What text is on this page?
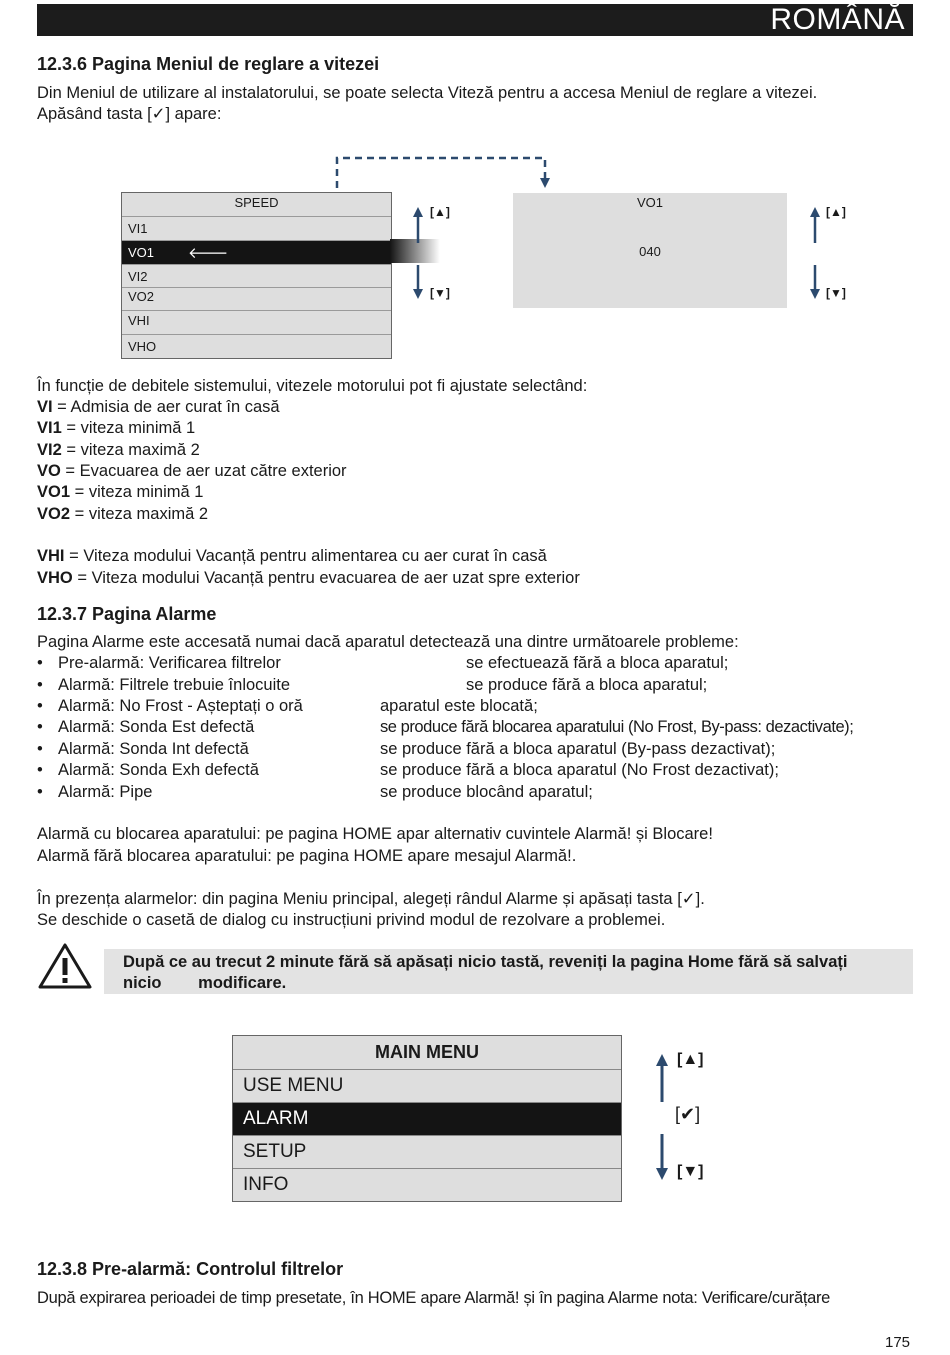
ROMÂNĂ
12.3.6 Pagina Meniul de reglare a vitezei
Din Meniul de utilizare al instalatorului, se poate selecta Viteză pentru a accesa Meniul de reglare a vitezei.
Apăsând tasta [✓] apare:
SPEED
VI1
VO1 🡐
VI2
VO2
VHI
VHO
[▲]
[▼]
VO1
040
[▲]
[▼]
În funcție de debitele sistemului, vitezele motorului pot fi ajustate selectând:
VI = Admisia de aer curat în casă
VI1 = viteza minimă 1
VI2 = viteza maximă 2
VO = Evacuarea de aer uzat către exterior
VO1 = viteza minimă 1
VO2 = viteza maximă 2
VHI = Viteza modului Vacanță pentru alimentarea cu aer curat în casă
VHO = Viteza modului Vacanță pentru evacuarea de aer uzat spre exterior
12.3.7 Pagina Alarme
Pagina Alarme este accesată numai dacă aparatul detectează una dintre următoarele probleme:
• Pre-alarmă: Verificarea filtrelor	se efectuează fără a bloca aparatul;
• Alarmă: Filtrele trebuie înlocuite	se produce fără a bloca aparatul;
• Alarmă: No Frost - Așteptați o oră	aparatul este blocată;
• Alarmă: Sonda Est defectă	se produce fără blocarea aparatului (No Frost, By-pass: dezactivate);
• Alarmă: Sonda Int defectă	se produce fără a bloca aparatul (By-pass dezactivat);
• Alarmă: Sonda Exh defectă	se produce fără a bloca aparatul (No Frost dezactivat);
• Alarmă: Pipe	se produce blocând aparatul;
Alarmă cu blocarea aparatului: pe pagina HOME apar alternativ cuvintele Alarmă! și Blocare!
Alarmă fără blocarea aparatului: pe pagina HOME apare mesajul Alarmă!.
În prezența alarmelor: din pagina Meniu principal, alegeți rândul Alarme și apăsați tasta [✓].
Se deschide o casetă de dialog cu instrucțiuni privind modul de rezolvare a problemei.
După ce au trecut 2 minute fără să apăsați nicio tastă, reveniți la pagina Home fără să salvați
nicio        modificare.
MAIN MENU
USE MENU
ALARM
SETUP
INFO
[▲]
[✔]
[▼]
12.3.8 Pre-alarmă: Controlul filtrelor
După expirarea perioadei de timp presetate, în HOME apare Alarmă! și în pagina Alarme nota: Verificare/curățare
175
